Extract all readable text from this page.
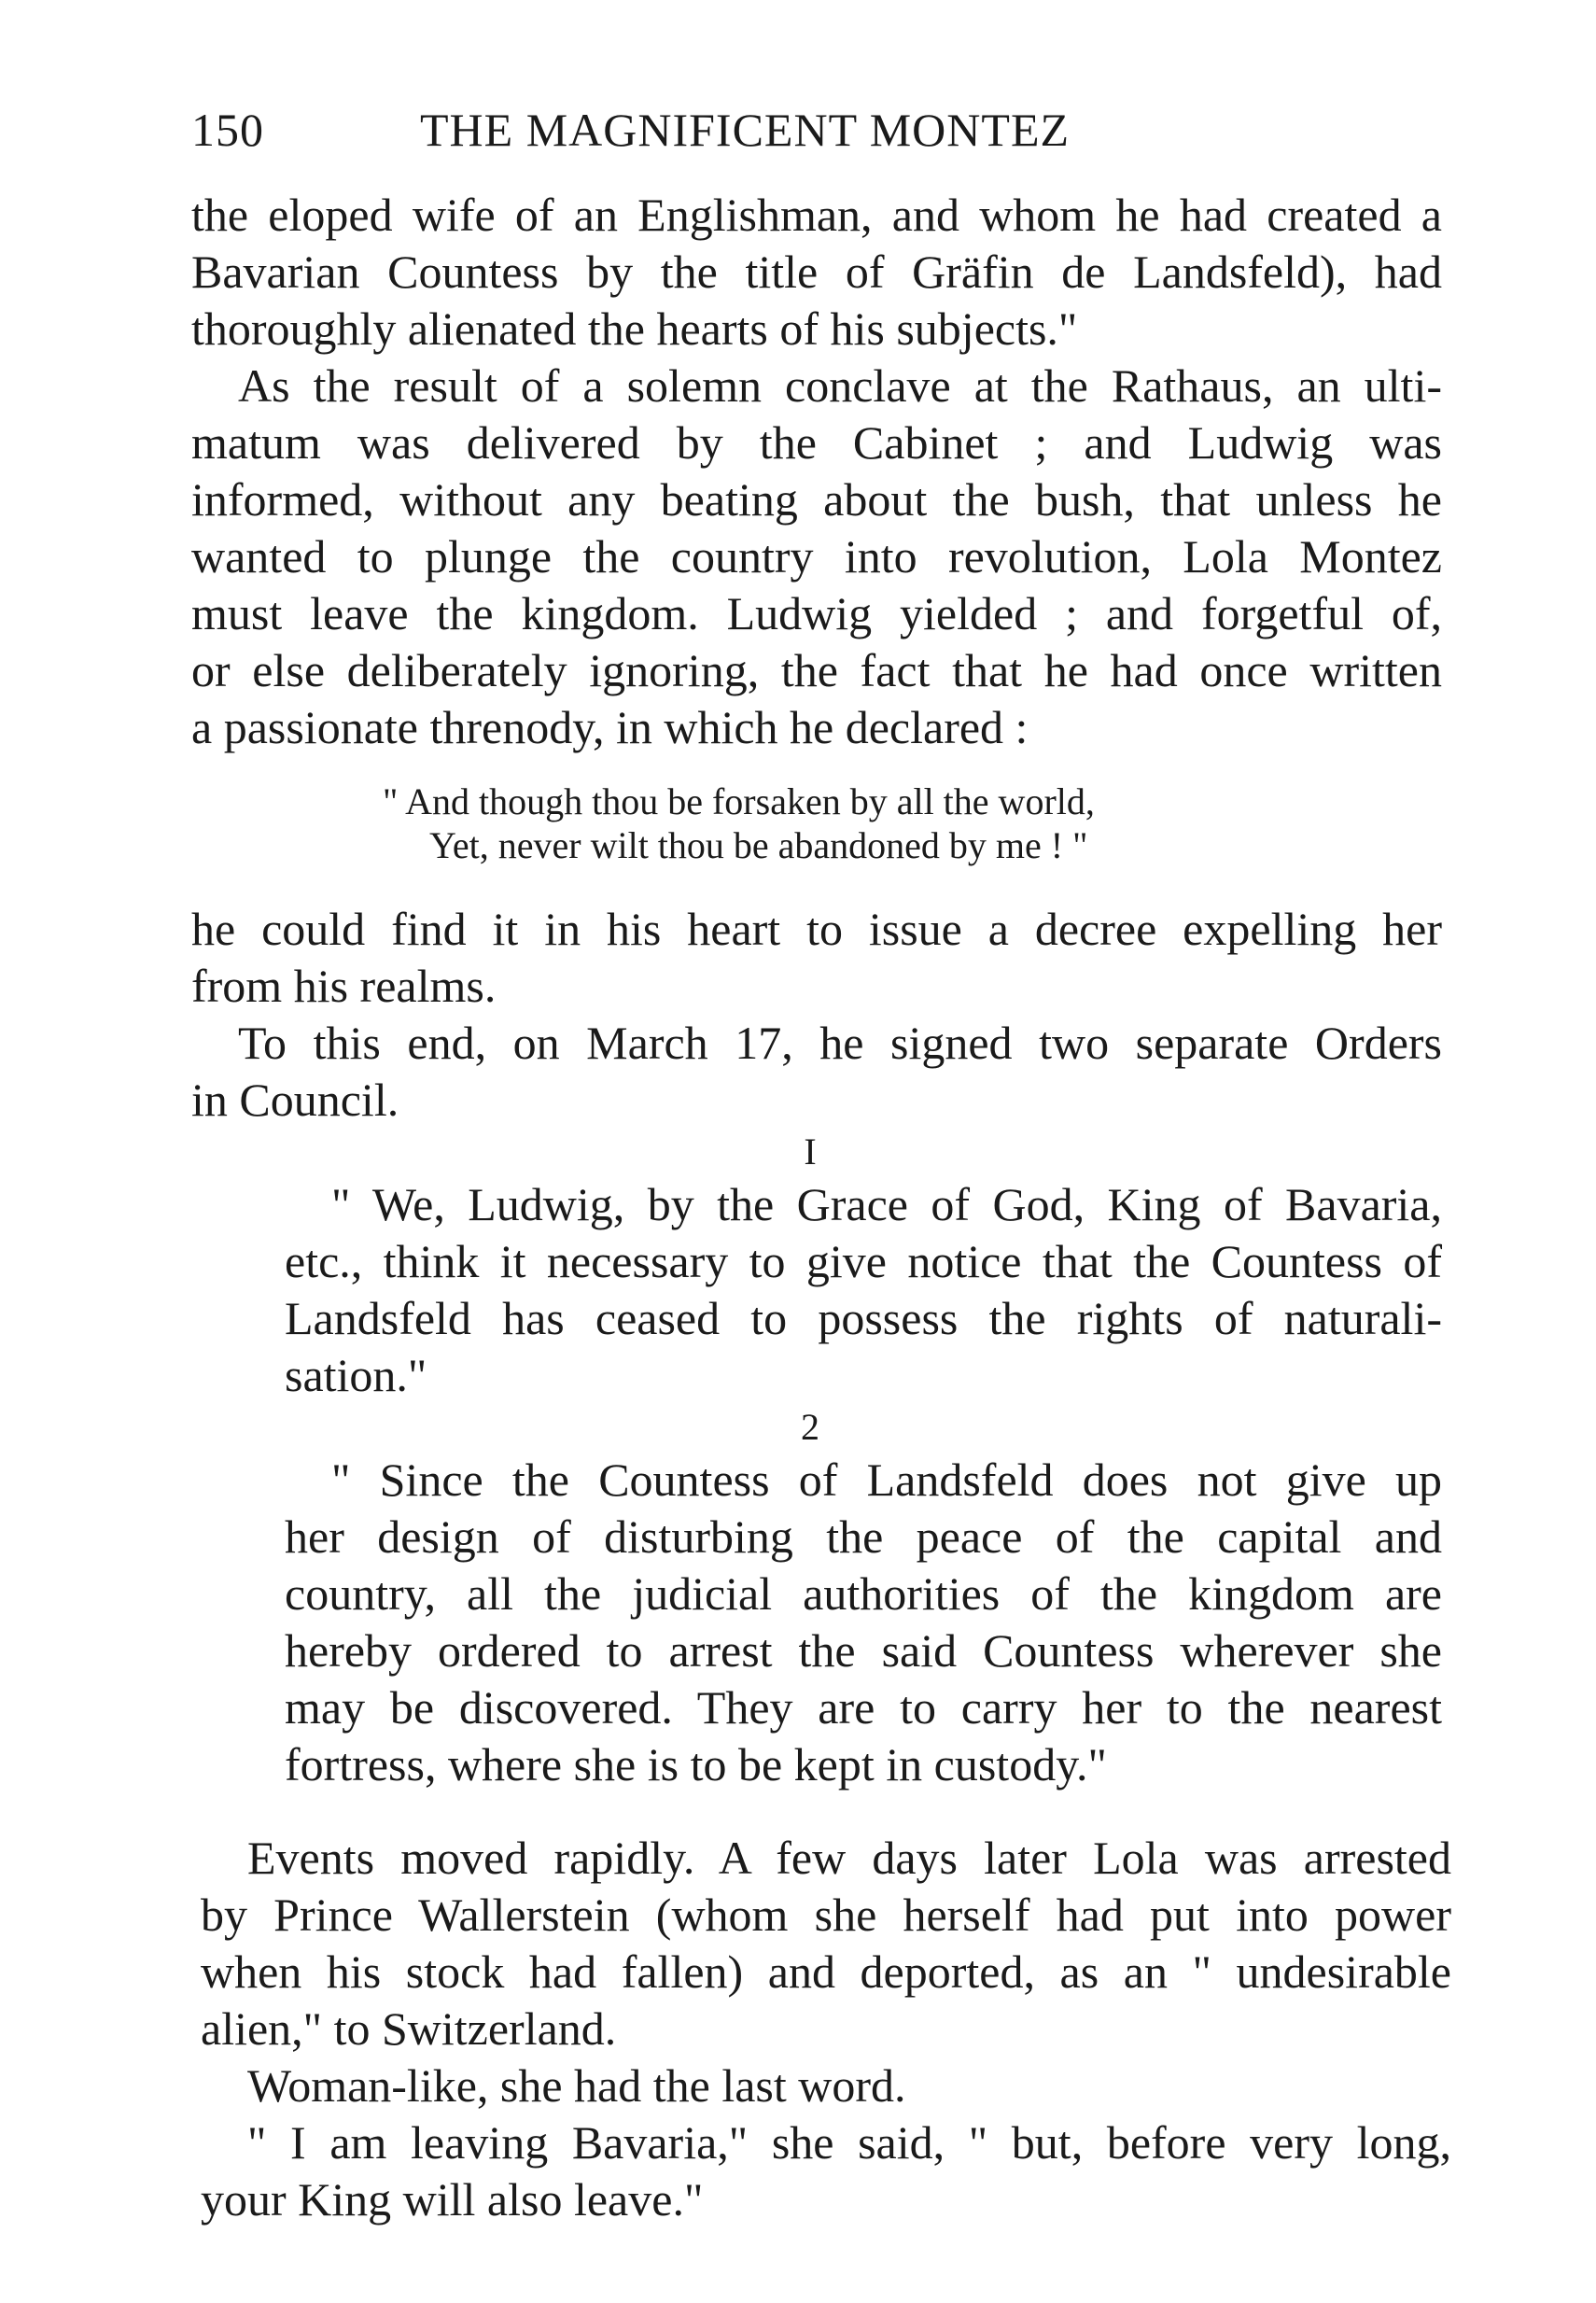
150	THE MAGNIFICENT MONTEZ
the eloped wife of an Englishman, and whom he had created a
Bavarian Countess by the title of Gräfin de Landsfeld), had
thoroughly alienated the hearts of his subjects."
As the result of a solemn conclave at the Rathaus, an ulti-
matum was delivered by the Cabinet ; and Ludwig was
informed, without any beating about the bush, that unless he
wanted to plunge the country into revolution, Lola Montez
must leave the kingdom. Ludwig yielded ; and forgetful of,
or else deliberately ignoring, the fact that he had once written
a passionate threnody, in which he declared :
" And though thou be forsaken by all the world,
Yet, never wilt thou be abandoned by me ! "
he could find it in his heart to issue a decree expelling her
from his realms.
To this end, on March 17, he signed two separate Orders
in Council.
I
" We, Ludwig, by the Grace of God, King of Bavaria,
etc., think it necessary to give notice that the Countess of
Landsfeld has ceased to possess the rights of naturali-
sation."
2
" Since the Countess of Landsfeld does not give up
her design of disturbing the peace of the capital and
country, all the judicial authorities of the kingdom are
hereby ordered to arrest the said Countess wherever she
may be discovered. They are to carry her to the nearest
fortress, where she is to be kept in custody."
Events moved rapidly. A few days later Lola was arrested
by Prince Wallerstein (whom she herself had put into power
when his stock had fallen) and deported, as an " undesirable
alien," to Switzerland.
Woman-like, she had the last word.
" I am leaving Bavaria," she said, " but, before very long,
your King will also leave."
